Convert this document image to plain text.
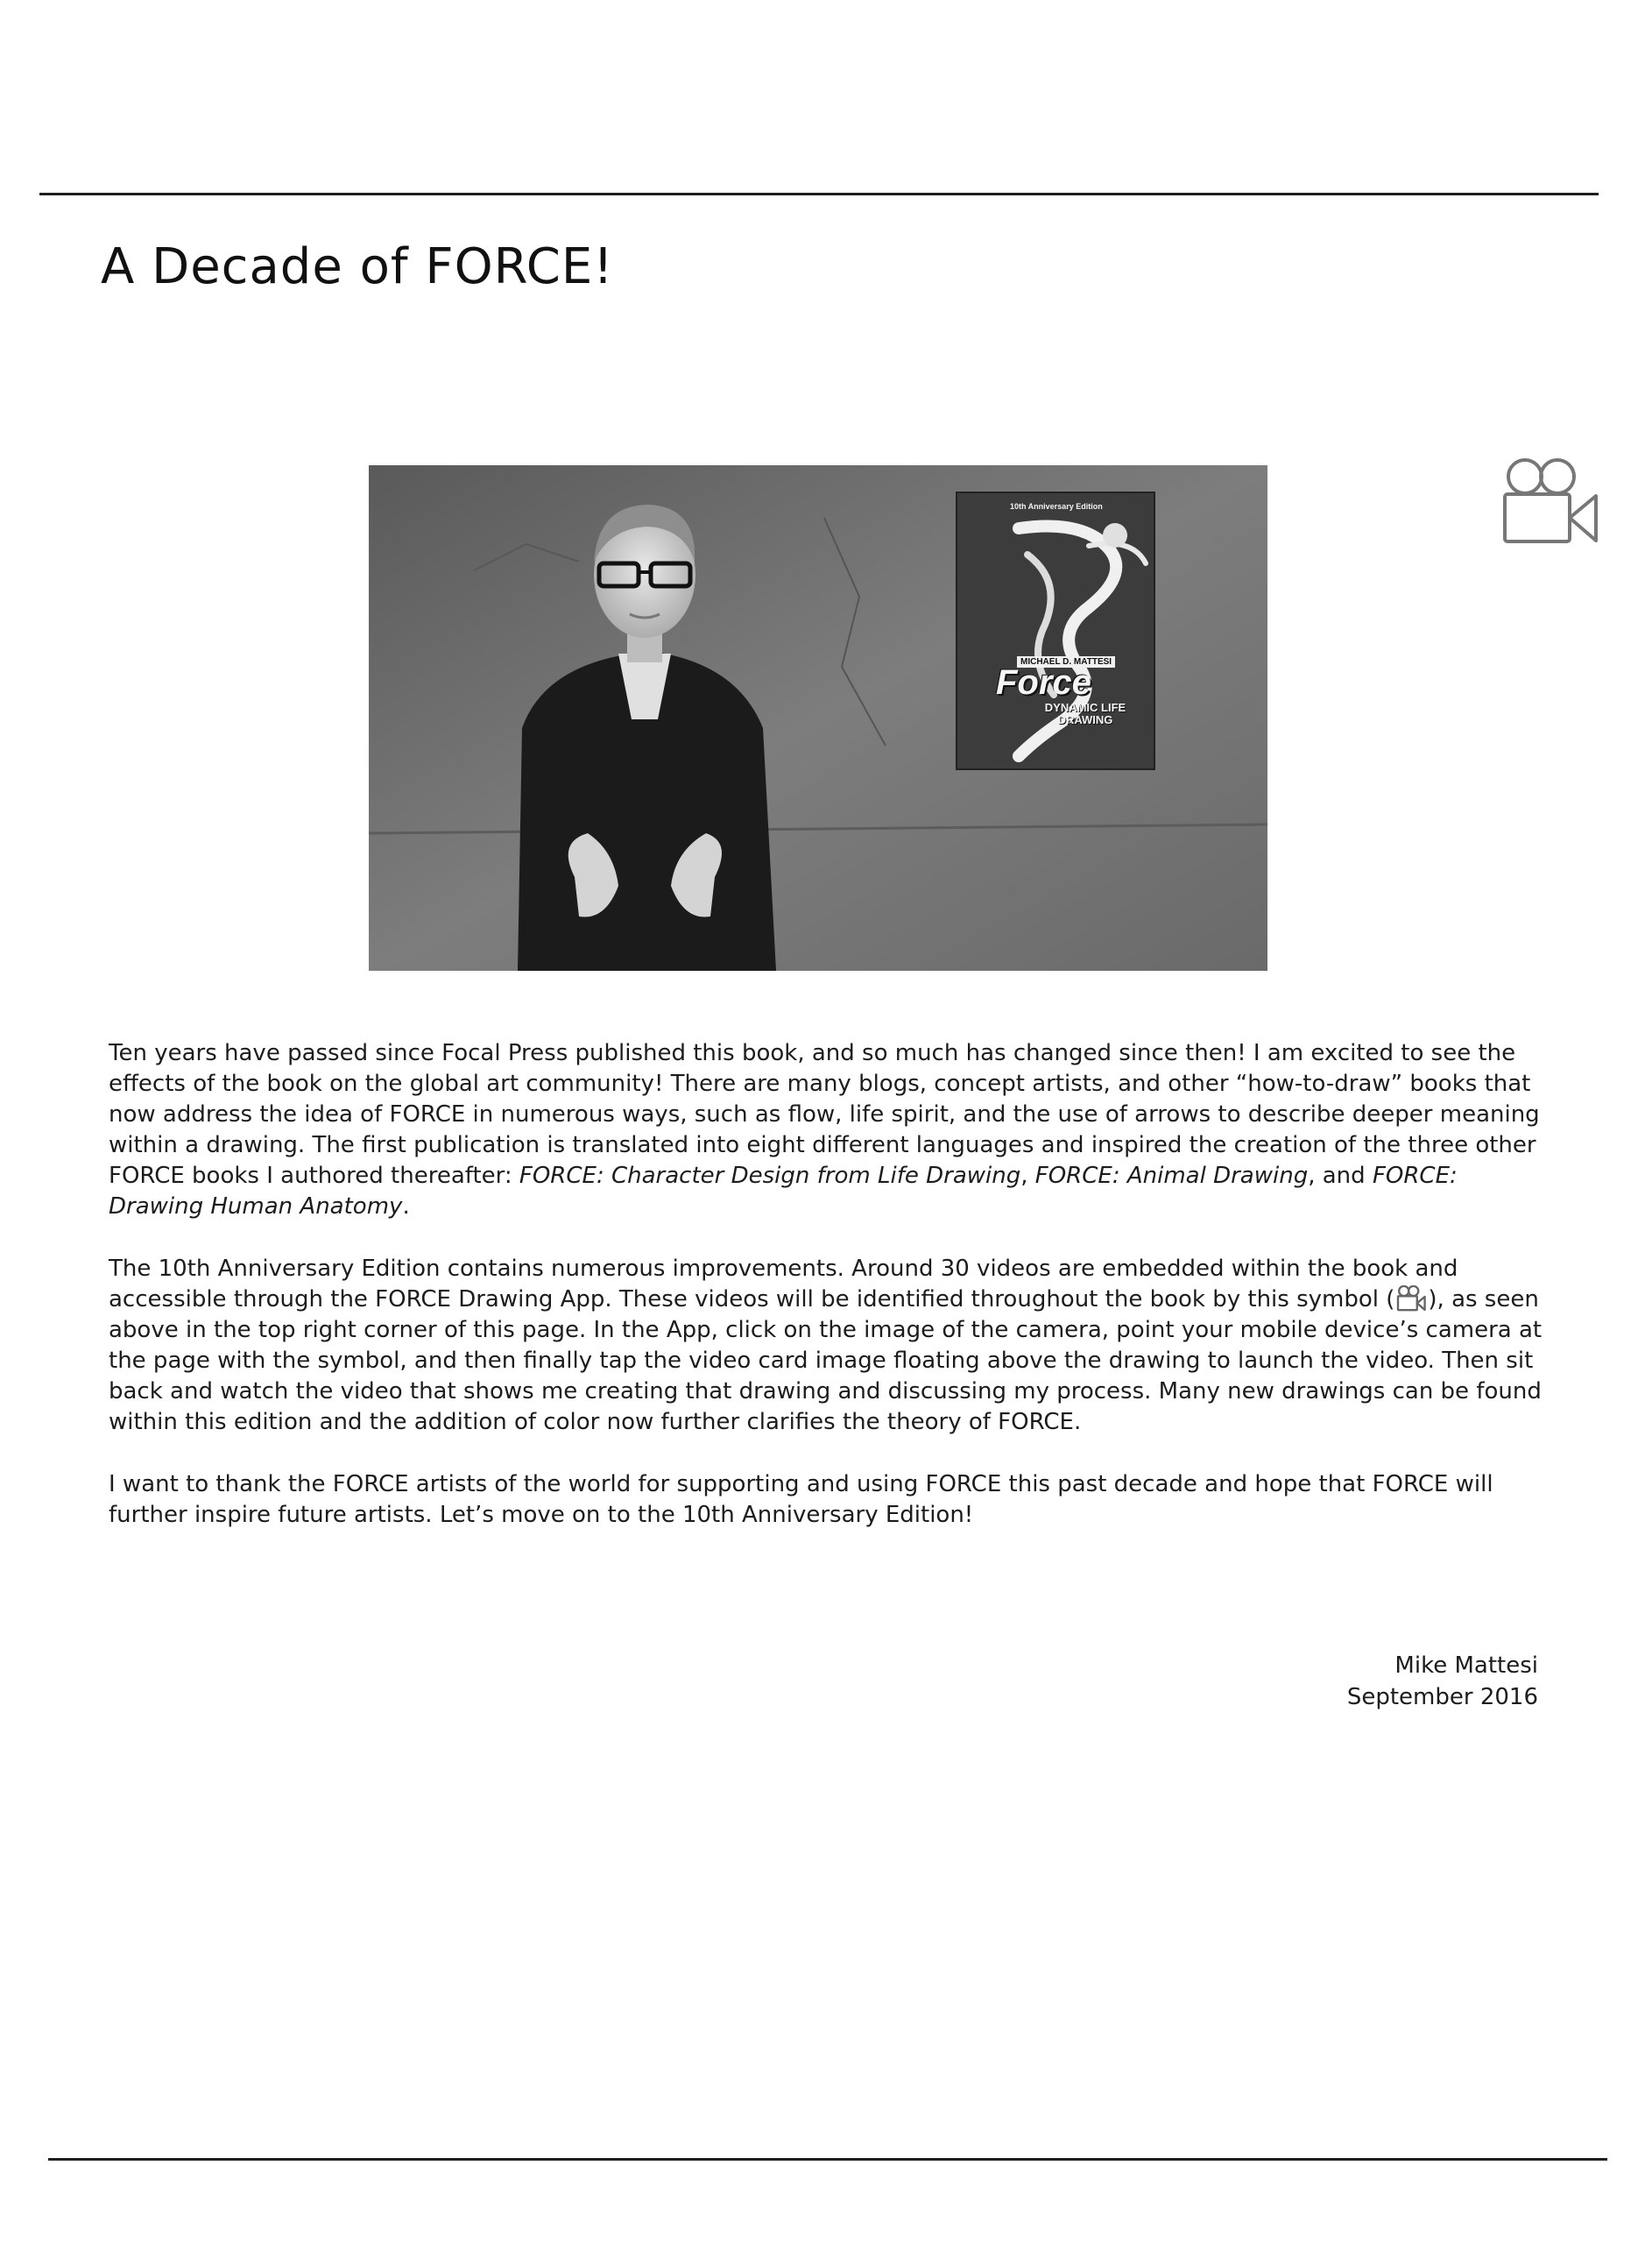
A Decade of FORCE!
10th Anniversary Edition
MICHAEL D. MATTESI
Force
DYNAMIC LIFE DRAWING

Ten years have passed since Focal Press published this book, and so much has changed since then! I am excited to see the effects of the book on the global art community! There are many blogs, concept artists, and other “how-to-draw” books that now address the idea of FORCE in numerous ways, such as flow, life spirit, and the use of arrows to describe deeper meaning within a drawing. The first publication is translated into eight different languages and inspired the creation of the three other FORCE books I authored thereafter: FORCE: Character Design from Life Drawing, FORCE: Animal Drawing, and FORCE: Drawing Human Anatomy.

The 10th Anniversary Edition contains numerous improvements. Around 30 videos are embedded within the book and accessible through the FORCE Drawing App. These videos will be identified throughout the book by this symbol ( ), as seen above in the top right corner of this page. In the App, click on the image of the camera, point your mobile device’s camera at the page with the symbol, and then finally tap the video card image floating above the drawing to launch the video. Then sit back and watch the video that shows me creating that drawing and discussing my process. Many new drawings can be found within this edition and the addition of color now further clarifies the theory of FORCE.

I want to thank the FORCE artists of the world for supporting and using FORCE this past decade and hope that FORCE will further inspire future artists. Let’s move on to the 10th Anniversary Edition!

Mike Mattesi
September 2016
